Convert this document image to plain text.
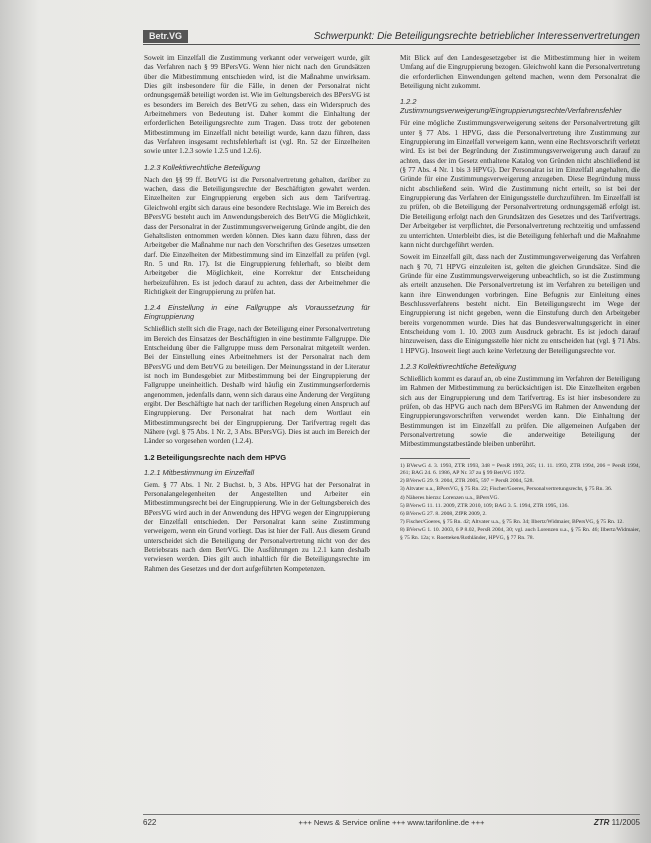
Betr.VG	Schwerpunkt: Die Beteiligungsrechte betrieblicher Interessenvertretungen

Soweit im Einzelfall die Zustimmung verkannt oder verweigert wurde, gilt das Verfahren nach § 99 BPersVG. Wenn hier nicht nach den Grundsätzen über die Mitbestimmung entschieden wird, ist die Maßnahme unwirksam. Dies gilt insbesondere für die Fälle, in denen der Personalrat nicht ordnungsgemäß beteiligt worden ist. Wie im Geltungsbereich des BPersVG ist es besonders im Bereich des BetrVG zu sehen, dass ein Widerspruch des Arbeitnehmers von Bedeutung ist. Daher kommt die Einhaltung der erforderlichen Beteiligungsrechte zum Tragen. Dass trotz der gebotenen Mitbestimmung im Einzelfall nicht beteiligt wurde, kann dazu führen, dass das Verfahren insgesamt rechtsfehlerhaft ist (vgl. Rn. 52 der Einzelheiten sowie unter 1.2.3 sowie 1.2.5 und 1.2.6).

1.2.3 Kollektivrechtliche Beteiligung

Nach den §§ 99 ff. BetrVG ist die Personalvertretung gehalten, darüber zu wachen, dass die Beteiligungsrechte der Beschäftigten gewahrt werden. Einzelheiten zur Eingruppierung ergeben sich aus dem Tarifvertrag. Gleichwohl ergibt sich daraus eine besondere Rechtslage. Wie im Bereich des BPersVG besteht auch im Anwendungsbereich des BetrVG die Möglichkeit, dass der Personalrat in der Zustimmungsverweigerung Gründe angibt, die den Gehaltslisten entnommen werden können. Dies kann dazu führen, dass der Arbeitgeber die Maßnahme nur nach den Vorschriften des Gesetzes umsetzen darf. Die Einzelheiten der Mitbestimmung sind im Einzelfall zu prüfen (vgl. Rn. 5 und Rn. 17). Ist die Eingruppierung fehlerhaft, so bleibt dem Arbeitgeber die Möglichkeit, eine Korrektur der Entscheidung herbeizuführen. Es ist jedoch darauf zu achten, dass der Arbeitnehmer die Richtigkeit der Eingruppierung zu prüfen hat.

1.2.4 Einstellung in eine Fallgruppe als Voraussetzung für Eingruppierung

Schließlich stellt sich die Frage, nach der Beteiligung einer Personalvertretung im Bereich des Einsatzes der Beschäftigten in eine bestimmte Fallgruppe. Die Entscheidung über die Fallgruppe muss dem Personalrat mitgeteilt werden. Bei der Einstellung eines Arbeitnehmers ist der Personalrat nach dem BPersVG und dem BetrVG zu beteiligen. Der Meinungsstand in der Literatur ist noch im Bundesgebiet zur Mitbestimmung bei der Eingruppierung der Fallgruppe uneinheitlich. Deshalb wird häufig ein Zustimmungserfordernis angenommen, jedenfalls dann, wenn sich daraus eine Änderung der Vergütung ergibt. Der Beschäftigte hat nach der tariflichen Regelung einen Anspruch auf Eingruppierung. Der Personalrat hat nach dem Wortlaut ein Mitbestimmungsrecht bei der Eingruppierung. Der Tarifvertrag regelt das Nähere (vgl. § 75 Abs. 1 Nr. 2, 3 Abs. BPersVG). Dies ist auch im Bereich der Länder so vorgesehen worden (1.2.4).

1.2 Beteiligungsrechte nach dem HPVG
1.2.1 Mitbestimmung im Einzelfall

Gem. § 77 Abs. 1 Nr. 2 Buchst. b, 3 Abs. HPVG hat der Personalrat in Personalangelegenheiten der Angestellten und Arbeiter ein Mitbestimmungsrecht bei der Eingruppierung. Wie in der Geltungsbereich des BPersVG wird auch in der Anwendung des HPVG wegen der Eingruppierung der Einzelfall entschieden. Der Personalrat kann seine Zustimmung verweigern, wenn ein Grund vorliegt. Das ist hier der Fall. Aus diesem Grund unterscheidet sich die Beteiligung der Personalvertretung nicht von der des Betriebsrats nach dem BetrVG. Die Ausführungen zu 1.2.1 kann deshalb verwiesen werden. Dies gilt auch inhaltlich für die Beteiligungsrechte im Rahmen des Gesetzes und der dort aufgeführten Kompetenzen.

Mit Blick auf den Landesgesetzgeber ist die Mitbestimmung hier in weitem Umfang auf die Eingruppierung bezogen. Gleichwohl kann die Personalvertretung die erforderlichen Einwendungen geltend machen, wenn dem Personalrat die Beteiligung nicht zukommt.

1.2.2 Zustimmungsverweigerung/Eingruppierungsrechte/Verfahrensfehler

Für eine mögliche Zustimmungsverweigerung seitens der Personalvertretung gilt unter § 77 Abs. 1 HPVG, dass die Personalvertretung ihre Zustimmung zur Eingruppierung im Einzelfall verweigern kann, wenn eine Rechtsvorschrift verletzt wird. Es ist bei der Begründung der Zustimmungsverweigerung auch darauf zu achten, dass der im Gesetz enthaltene Katalog von Gründen nicht abschließend ist (§ 77 Abs. 4 Nr. 1 bis 3 HPVG). Der Personalrat ist im Einzelfall angehalten, die Gründe für eine Zustimmungsverweigerung anzugeben. Diese Begründung muss nicht abschließend sein. Wird die Zustimmung nicht erteilt, so ist bei der Eingruppierung das Verfahren der Einigungsstelle durchzuführen. Im Einzelfall ist zu prüfen, ob die Beteiligung der Personalvertretung ordnungsgemäß erfolgt ist. Die Beteiligung erfolgt nach den Grundsätzen des Gesetzes und des Tarifvertrags. Der Arbeitgeber ist verpflichtet, die Personalvertretung rechtzeitig und umfassend zu unterrichten. Unterbleibt dies, ist die Beteiligung fehlerhaft und die Maßnahme kann nicht durchgeführt werden.

Soweit im Einzelfall gilt, dass nach der Zustimmungsverweigerung das Verfahren nach § 70, 71 HPVG einzuleiten ist, gelten die gleichen Grundsätze. Sind die Gründe für eine Zustimmungsverweigerung unbeachtlich, so ist die Zustimmung als erteilt anzusehen. Die Personalvertretung ist im Verfahren zu beteiligen und kann ihre Einwendungen vorbringen. Eine Befugnis zur Einleitung eines Beschlussverfahrens besteht nicht. Ein Beteiligungsrecht im Wege der Eingruppierung ist nicht gegeben, wenn die Einstufung durch den Arbeitgeber bereits vorgenommen wurde. Dies hat das Bundesverwaltungsgericht in einer Entscheidung vom 1. 10. 2003 zum Ausdruck gebracht. Es ist jedoch darauf hinzuweisen, dass die Einigungsstelle hier nicht zu entscheiden hat (vgl. § 71 Abs. 1 HPVG). Insoweit liegt auch keine Verletzung der Beteiligungsrechte vor.

1.2.3 Kollektivrechtliche Beteiligung

Schließlich kommt es darauf an, ob eine Zustimmung im Verfahren der Beteiligung im Rahmen der Mitbestimmung zu berücksichtigen ist. Die Einzelheiten ergeben sich aus der Eingruppierung und dem Tarifvertrag. Es ist hier insbesondere zu prüfen, ob das HPVG auch nach dem BPersVG im Rahmen der Anwendung der Eingruppierungsvorschriften verwendet werden kann. Die Einhaltung der Bestimmungen ist im Einzelfall zu prüfen. Die allgemeinen Aufgaben der Personalvertretung sowie die anderweitige Beteiligung der Mitbestimmungstatbestände bleiben unberührt.

1) BVerwG 4. 3. 1993, ZTR 1993, 348 = PersR 1993, 265; 11. 11. 1993, ZTR 1994, 206 = PersR 1994, 261; BAG 24. 6. 1986, AP Nr. 37 zu § 99 BetrVG 1972.
2) BVerwG 29. 9. 2004, ZTR 2005, 597 = PersR 2004, 528.
3) Altvater u.a., BPersVG, § 75 Rn. 22; Fischer/Goeres, Personalvertretungsrecht, § 75 Rn. 36.
4) Näheres hierzu: Lorenzen u.a., BPersVG.
5) BVerwG 11. 11. 2009, ZTR 2010, 109; BAG 3. 5. 1994, ZTR 1995, 136.
6) BVerwG 27. 8. 2008, ZfPR 2009, 2.
7) Fischer/Goeres, § 75 Rn. 42; Altvater u.a., § 75 Rn. 34; Ilbertz/Widmaier, BPersVG, § 75 Rn. 12.
8) BVerwG 1. 10. 2003, 6 P 8.02, PersR 2004, 30; vgl. auch Lorenzen u.a., § 75 Rn. 46; Ilbertz/Widmaier, § 75 Rn. 12a; v. Roetteken/Rothländer, HPVG, § 77 Rn. 78.
622	+++ News & Service online +++ www.tarifonline.de +++	ZTR 11/2005
